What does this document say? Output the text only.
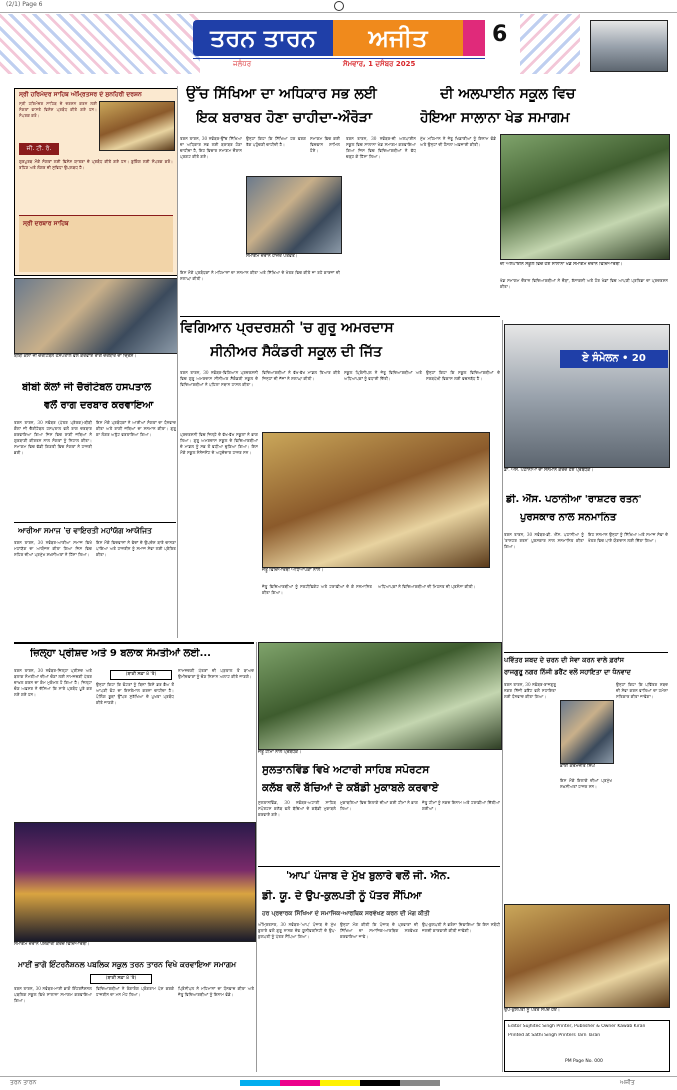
(2/1) Page 6
ਤਰਨ ਤਾਰਨ	ਅਜੀਤ	6
ਜਲੰਧਰ	ਸੋਮਵਾਰ, 1 ਦਸੰਬਰ 2025
ਸ੍ਰੀ ਹਰਿਮੰਦਰ ਸਾਹਿਬ ਅੰਮ੍ਰਿਤਸਰ ਦੇ ਸੁਨਹਿਰੀ ਦਰਸ਼ਨ
ਸ੍ਰੀ ਹਰਿਮੰਦਰ ਸਾਹਿਬ ਦੇ ਦਰਸ਼ਨ ਕਰਨ ਲਈ ਸੰਗਤਾਂ ਵਾਸਤੇ ਵਿਸ਼ੇਸ਼ ਪ੍ਰਬੰਧ ਕੀਤੇ ਗਏ ਹਨ। ਸੰਪਰਕ ਕਰੋ।
ਜੀ. ਟੀ. ਰੋ.
ਗੁਰਪੁਰਬ ਮੌਕੇ ਸੰਗਤਾਂ ਲਈ ਵਿਸ਼ੇਸ਼ ਯਾਤਰਾ ਦੇ ਪ੍ਰਬੰਧ ਕੀਤੇ ਗਏ ਹਨ। ਬੁਕਿੰਗ ਲਈ ਸੰਪਰਕ ਕਰੋ। ਰਹਿਣ ਅਤੇ ਲੰਗਰ ਦੀ ਸੁਵਿਧਾ ਉਪਲਬਧ ਹੈ।
ਸ੍ਰੀ ਦਰਬਾਰ ਸਾਹਿਬ
ਬੀਬੀ ਕੌਲਾਂ ਜੀ ਚੈਰੀਟੇਬਲ ਹਸਪਤਾਲ ਵਲੋਂ ਕਰਵਾਏ ਰਾਗ ਦਰਬਾਰ ਦਾ ਦ੍ਰਿਸ਼।
ਬੀਬੀ ਕੌਲਾਂ ਜੀ ਚੈਰੀਟੇਬਲ ਹਸਪਤਾਲ
ਵਲੋਂ ਰਾਗ ਦਰਬਾਰ ਕਰਵਾਇਆ
ਤਰਨ ਤਾਰਨ, 30 ਨਵੰਬਰ (ਪੱਤਰ ਪ੍ਰੇਰਕ)-ਬੀਬੀ ਕੌਲਾਂ ਜੀ ਚੈਰੀਟੇਬਲ ਹਸਪਤਾਲ ਵਲੋਂ ਰਾਗ ਦਰਬਾਰ ਕਰਵਾਇਆ ਗਿਆ ਜਿਸ ਵਿਚ ਰਾਗੀ ਜਥਿਆਂ ਨੇ ਗੁਰਬਾਣੀ ਕੀਰਤਨ ਨਾਲ ਸੰਗਤਾਂ ਨੂੰ ਨਿਹਾਲ ਕੀਤਾ। ਸਮਾਗਮ ਵਿਚ ਵੱਡੀ ਗਿਣਤੀ ਵਿਚ ਸੰਗਤਾਂ ਨੇ ਹਾਜ਼ਰੀ ਭਰੀ।
ਇਸ ਮੌਕੇ ਪ੍ਰਬੰਧਕਾਂ ਨੇ ਆਈਆਂ ਸੰਗਤਾਂ ਦਾ ਧੰਨਵਾਦ ਕੀਤਾ ਅਤੇ ਰਾਗੀ ਜਥਿਆਂ ਦਾ ਸਨਮਾਨ ਕੀਤਾ। ਗੁਰੂ ਕਾ ਲੰਗਰ ਅਤੁੱਟ ਵਰਤਾਇਆ ਗਿਆ।
ਆਰੀਆ ਸਮਾਜ 'ਚ ਵਾਇਰਤੀ ਮਹਾਂਯੱਗ ਆਯੋਜਿਤ
ਤਰਨ ਤਾਰਨ, 30 ਨਵੰਬਰ-ਆਰੀਆ ਸਮਾਜ ਵਿਖੇ ਮਹਾਂਯੱਗ ਦਾ ਆਯੋਜਨ ਕੀਤਾ ਗਿਆ ਜਿਸ ਵਿਚ ਸ਼ਹਿਰ ਦੀਆਂ ਪ੍ਰਮੁੱਖ ਸ਼ਖ਼ਸੀਅਤਾਂ ਨੇ ਹਿੱਸਾ ਲਿਆ।
ਇਸ ਮੌਕੇ ਵਿਦਵਾਨਾਂ ਨੇ ਵੇਦਾਂ ਦੇ ਉਪਦੇਸ਼ ਬਾਰੇ ਚਾਨਣਾ ਪਾਇਆ ਅਤੇ ਹਾਜ਼ਰੀਨ ਨੂੰ ਸਮਾਜ ਸੇਵਾ ਲਈ ਪ੍ਰੇਰਿਤ ਕੀਤਾ।
ਜ਼ਿਲ੍ਹਾ ਪ੍ਰੀਸ਼ਦ ਅਤੇ 9 ਬਲਾਕ ਸੰਮਤੀਆਂ ਲਈ...
ਤਰਨ ਤਾਰਨ, 30 ਨਵੰਬਰ-ਜ਼ਿਲ੍ਹਾ ਪ੍ਰੀਸ਼ਦ ਅਤੇ ਬਲਾਕ ਸੰਮਤੀਆਂ ਦੀਆਂ ਚੋਣਾਂ ਲਈ ਨਾਮਜ਼ਦਗੀ ਪੱਤਰ ਦਾਖ਼ਲ ਕਰਨ ਦਾ ਕੰਮ ਮੁਕੰਮਲ ਹੋ ਗਿਆ ਹੈ। ਜ਼ਿਲ੍ਹਾ ਚੋਣ ਅਫ਼ਸਰ ਨੇ ਦੱਸਿਆ ਕਿ ਸਾਰੇ ਪ੍ਰਬੰਧ ਪੂਰੇ ਕਰ ਲਏ ਗਏ ਹਨ।
(ਬਾਕੀ ਸਫ਼ਾ 8 'ਤੇ)
ਉਨ੍ਹਾਂ ਕਿਹਾ ਕਿ ਵੋਟਰਾਂ ਨੂੰ ਬਿਨਾਂ ਕਿਸੇ ਡਰ ਭੈਅ ਤੋਂ ਆਪਣੀ ਵੋਟ ਦਾ ਇਸਤੇਮਾਲ ਕਰਨਾ ਚਾਹੀਦਾ ਹੈ। ਪੋਲਿੰਗ ਬੂਥਾਂ ਉੱਪਰ ਸੁਰੱਖਿਆ ਦੇ ਪੁਖਤਾ ਪ੍ਰਬੰਧ ਕੀਤੇ ਜਾਣਗੇ।
ਨਾਮਜ਼ਦਗੀ ਪੱਤਰਾਂ ਦੀ ਪੜਤਾਲ ਤੋਂ ਬਾਅਦ ਉਮੀਦਵਾਰਾਂ ਨੂੰ ਚੋਣ ਨਿਸ਼ਾਨ ਅਲਾਟ ਕੀਤੇ ਜਾਣਗੇ।
ਸਮਾਗਮ ਦੌਰਾਨ ਪੇਸ਼ਕਾਰੀ ਕਰਦੇ ਵਿਦਿਆਰਥੀ।
ਮਾਈਂ ਭਾਗੋ ਇੰਟਰਨੈਸ਼ਨਲ ਪਬਲਿਕ ਸਕੂਲ ਤਰਨ ਤਾਰਨ ਵਿਖੇ ਕਰਵਾਇਆ ਸਮਾਗਮ
(ਬਾਕੀ ਸਫ਼ਾ 8 'ਤੇ)
ਤਰਨ ਤਾਰਨ, 30 ਨਵੰਬਰ-ਮਾਈ ਭਾਗੋ ਇੰਟਰਨੈਸ਼ਨਲ ਪਬਲਿਕ ਸਕੂਲ ਵਿਖੇ ਸਾਲਾਨਾ ਸਮਾਗਮ ਕਰਵਾਇਆ ਗਿਆ।
ਵਿਦਿਆਰਥੀਆਂ ਨੇ ਰੰਗਾਰੰਗ ਪ੍ਰੋਗਰਾਮ ਪੇਸ਼ ਕਰਕੇ ਹਾਜ਼ਰੀਨ ਦਾ ਮਨ ਮੋਹ ਲਿਆ।
ਪ੍ਰਿੰਸੀਪਲ ਨੇ ਮਹਿਮਾਨਾਂ ਦਾ ਧੰਨਵਾਦ ਕੀਤਾ ਅਤੇ ਜੇਤੂ ਵਿਦਿਆਰਥੀਆਂ ਨੂੰ ਇਨਾਮ ਵੰਡੇ।
ਉੱਚ ਸਿੱਖਿਆ ਦਾ ਅਧਿਕਾਰ ਸਭ ਲਈ
ਇਕ ਬਰਾਬਰ ਹੋਣਾ ਚਾਹੀਦਾ-ਔਰੋੜਾ
ਤਰਨ ਤਾਰਨ, 30 ਨਵੰਬਰ-ਉੱਚ ਸਿੱਖਿਆ ਦਾ ਅਧਿਕਾਰ ਸਭ ਲਈ ਬਰਾਬਰ ਹੋਣਾ ਚਾਹੀਦਾ ਹੈ, ਇਹ ਵਿਚਾਰ ਸਮਾਗਮ ਦੌਰਾਨ ਪ੍ਰਗਟ ਕੀਤੇ ਗਏ।
ਉਨ੍ਹਾਂ ਕਿਹਾ ਕਿ ਸਿੱਖਿਆ ਹਰ ਵਰਗ ਤੱਕ ਪਹੁੰਚਣੀ ਚਾਹੀਦੀ ਹੈ।
ਸਮਾਗਮ ਵਿਚ ਕਈ ਵਿਦਵਾਨ ਸ਼ਾਮਿਲ ਹੋਏ।
ਸਮਾਗਮ ਦੌਰਾਨ ਹਾਜ਼ਰ ਪਤਵੰਤੇ।
ਇਸ ਮੌਕੇ ਪ੍ਰਬੰਧਕਾਂ ਨੇ ਮਹਿਮਾਨਾਂ ਦਾ ਸਨਮਾਨ ਕੀਤਾ ਅਤੇ ਸਿੱਖਿਆ ਦੇ ਖੇਤਰ ਵਿਚ ਕੀਤੇ ਜਾ ਰਹੇ ਕਾਰਜਾਂ ਦੀ ਸ਼ਲਾਘਾ ਕੀਤੀ।
ਦੀ ਅਲਪਾਈਨ ਸਕੂਲ ਵਿਚ
ਹੋਇਆ ਸਾਲਾਨਾ ਖੇਡ ਸਮਾਗਮ
ਤਰਨ ਤਾਰਨ, 30 ਨਵੰਬਰ-ਦੀ ਅਲਪਾਈਨ ਸਕੂਲ ਵਿਚ ਸਾਲਾਨਾ ਖੇਡ ਸਮਾਗਮ ਕਰਵਾਇਆ ਗਿਆ ਜਿਸ ਵਿਚ ਵਿਦਿਆਰਥੀਆਂ ਨੇ ਵੱਧ ਚੜ੍ਹ ਕੇ ਹਿੱਸਾ ਲਿਆ।
ਮੁੱਖ ਮਹਿਮਾਨ ਨੇ ਜੇਤੂ ਖਿਡਾਰੀਆਂ ਨੂੰ ਇਨਾਮ ਵੰਡੇ ਅਤੇ ਉਨ੍ਹਾਂ ਦੀ ਹੌਸਲਾ ਅਫ਼ਜ਼ਾਈ ਕੀਤੀ।
ਦੀ ਅਲਪਾਈਨ ਸਕੂਲ ਵਿਚ ਹੋਏ ਸਾਲਾਨਾ ਖੇਡ ਸਮਾਗਮ ਦੌਰਾਨ ਵਿਦਿਆਰਥੀ।
ਖੇਡ ਸਮਾਗਮ ਦੌਰਾਨ ਵਿਦਿਆਰਥੀਆਂ ਨੇ ਦੌੜਾਂ, ਰੱਸਾਕਸ਼ੀ ਅਤੇ ਹੋਰ ਖੇਡਾਂ ਵਿਚ ਆਪਣੀ ਪ੍ਰਤਿਭਾ ਦਾ ਪ੍ਰਦਰਸ਼ਨ ਕੀਤਾ।
ਵਿਗਿਆਨ ਪ੍ਰਦਰਸ਼ਨੀ 'ਚ ਗੁਰੂ ਅਮਰਦਾਸ
ਸੀਨੀਅਰ ਸੈਕੰਡਰੀ ਸਕੂਲ ਦੀ ਜਿੱਤ
ਤਰਨ ਤਾਰਨ, 30 ਨਵੰਬਰ-ਵਿਗਿਆਨ ਪ੍ਰਦਰਸ਼ਨੀ ਵਿਚ ਗੁਰੂ ਅਮਰਦਾਸ ਸੀਨੀਅਰ ਸੈਕੰਡਰੀ ਸਕੂਲ ਦੇ ਵਿਦਿਆਰਥੀਆਂ ਨੇ ਪਹਿਲਾ ਸਥਾਨ ਹਾਸਲ ਕੀਤਾ।
ਵਿਦਿਆਰਥੀਆਂ ਨੇ ਵੱਖ-ਵੱਖ ਮਾਡਲ ਤਿਆਰ ਕੀਤੇ ਜਿਨ੍ਹਾਂ ਦੀ ਜੱਜਾਂ ਨੇ ਸ਼ਲਾਘਾ ਕੀਤੀ।
ਸਕੂਲ ਪ੍ਰਿੰਸੀਪਲ ਨੇ ਜੇਤੂ ਵਿਦਿਆਰਥੀਆਂ ਅਤੇ ਅਧਿਆਪਕਾਂ ਨੂੰ ਵਧਾਈ ਦਿੱਤੀ।
ਉਨ੍ਹਾਂ ਕਿਹਾ ਕਿ ਸਕੂਲ ਵਿਦਿਆਰਥੀਆਂ ਦੇ ਸਰਬਪੱਖੀ ਵਿਕਾਸ ਲਈ ਵਚਨਬੱਧ ਹੈ।
ਜੇਤੂ ਵਿਦਿਆਰਥੀ ਅਧਿਆਪਕਾਂ ਨਾਲ।
ਪ੍ਰਦਰਸ਼ਨੀ ਵਿਚ ਜ਼ਿਲ੍ਹੇ ਦੇ ਵੱਖ-ਵੱਖ ਸਕੂਲਾਂ ਨੇ ਭਾਗ ਲਿਆ। ਗੁਰੂ ਅਮਰਦਾਸ ਸਕੂਲ ਦੇ ਵਿਦਿਆਰਥੀਆਂ ਦੇ ਮਾਡਲ ਨੂੰ ਸਭ ਤੋਂ ਵਧੀਆ ਚੁਣਿਆ ਗਿਆ। ਇਸ ਮੌਕੇ ਸਕੂਲ ਮੈਨੇਜਮੈਂਟ ਦੇ ਅਹੁਦੇਦਾਰ ਹਾਜ਼ਰ ਸਨ।
ਜੇਤੂ ਵਿਦਿਆਰਥੀਆਂ ਨੂੰ ਸਰਟੀਫਿਕੇਟ ਅਤੇ ਟਰਾਫ਼ੀਆਂ ਦੇ ਕੇ ਸਨਮਾਨਿਤ ਕੀਤਾ ਗਿਆ।
ਅਧਿਆਪਕਾਂ ਨੇ ਵਿਦਿਆਰਥੀਆਂ ਦੀ ਮਿਹਨਤ ਦੀ ਪ੍ਰਸ਼ੰਸਾ ਕੀਤੀ।
ਜੇਤੂ ਟੀਮਾਂ ਨਾਲ ਪ੍ਰਬੰਧਕ।
ਸੁਲਤਾਨਵਿੰਡ ਵਿਖੇ ਅਟਾਰੀ ਸਾਹਿਬ ਸਪੋਰਟਸ
ਕਲੱਬ ਵਲੋਂ ਬੱਚਿਆਂ ਦੇ ਕਬੱਡੀ ਮੁਕਾਬਲੇ ਕਰਵਾਏ
ਸੁਲਤਾਨਵਿੰਡ, 30 ਨਵੰਬਰ-ਅਟਾਰੀ ਸਾਹਿਬ ਸਪੋਰਟਸ ਕਲੱਬ ਵਲੋਂ ਬੱਚਿਆਂ ਦੇ ਕਬੱਡੀ ਮੁਕਾਬਲੇ ਕਰਵਾਏ ਗਏ।
ਮੁਕਾਬਲਿਆਂ ਵਿਚ ਇਲਾਕੇ ਦੀਆਂ ਕਈ ਟੀਮਾਂ ਨੇ ਭਾਗ ਲਿਆ।
ਜੇਤੂ ਟੀਮਾਂ ਨੂੰ ਨਕਦ ਇਨਾਮ ਅਤੇ ਟਰਾਫ਼ੀਆਂ ਦਿੱਤੀਆਂ ਗਈਆਂ।
'ਆਪ' ਪੰਜਾਬ ਦੇ ਮੁੱਖ ਬੁਲਾਰੇ ਵਲੋਂ ਜੀ. ਐਨ.
ਡੀ. ਯੂ. ਦੇ ਉਪ-ਕੁਲਪਤੀ ਨੂੰ ਪੱਤਰ ਸੌਂਪਿਆ
ਹਰ ਪ੍ਰਵਾਰਕ ਸਿੱਖਿਆ ਦੇ ਸਮਾਜਿਕ-ਆਰਥਿਕ ਸਰਵੇਖਣ ਕਰਨ ਦੀ ਮੰਗ ਕੀਤੀ
ਅੰਮ੍ਰਿਤਸਰ, 30 ਨਵੰਬਰ-'ਆਪ' ਪੰਜਾਬ ਦੇ ਮੁੱਖ ਬੁਲਾਰੇ ਵਲੋਂ ਗੁਰੂ ਨਾਨਕ ਦੇਵ ਯੂਨੀਵਰਸਿਟੀ ਦੇ ਉਪ-ਕੁਲਪਤੀ ਨੂੰ ਪੱਤਰ ਸੌਂਪਿਆ ਗਿਆ।
ਉਨ੍ਹਾਂ ਮੰਗ ਕੀਤੀ ਕਿ ਪੰਜਾਬ ਦੇ ਪ੍ਰਵਾਰਾਂ ਦੀ ਸਿੱਖਿਆ ਦਾ ਸਮਾਜਿਕ-ਆਰਥਿਕ ਸਰਵੇਖਣ ਕਰਵਾਇਆ ਜਾਵੇ।
ਉਪ-ਕੁਲਪਤੀ ਨੇ ਭਰੋਸਾ ਦਿਵਾਇਆ ਕਿ ਇਸ ਸਬੰਧੀ ਜਲਦੀ ਕਾਰਵਾਈ ਕੀਤੀ ਜਾਵੇਗੀ।
ਏ ਸੰਮੇਲਨ • 20
ਡਾ. ਐੱਸ. ਪਠਾਨੀਆ ਦਾ ਸਨਮਾਨ ਕਰਦੇ ਹੋਏ ਪ੍ਰਬੰਧਕ।
ਡੀ. ਐੱਸ. ਪਠਾਨੀਆ 'ਰਾਸ਼ਟਰ ਰਤਨ'
ਪੁਰਸਕਾਰ ਨਾਲ ਸਨਮਾਨਿਤ
ਤਰਨ ਤਾਰਨ, 30 ਨਵੰਬਰ-ਡੀ. ਐੱਸ. ਪਠਾਨੀਆ ਨੂੰ 'ਰਾਸ਼ਟਰ ਰਤਨ' ਪੁਰਸਕਾਰ ਨਾਲ ਸਨਮਾਨਿਤ ਕੀਤਾ ਗਿਆ।
ਇਹ ਸਨਮਾਨ ਉਨ੍ਹਾਂ ਨੂੰ ਸਿੱਖਿਆ ਅਤੇ ਸਮਾਜ ਸੇਵਾ ਦੇ ਖੇਤਰ ਵਿਚ ਪਾਏ ਯੋਗਦਾਨ ਲਈ ਦਿੱਤਾ ਗਿਆ।
ਪਵਿੱਤਰ ਸ਼ਬਦ ਦੇ ਚਰਨ ਦੀ ਸੇਵਾ ਕਰਨ ਵਾਲੇ ਫ਼ਰਾਂਸ
ਰਾਜਗੁਰੂ ਨਗਰ ਨਿੱਜੀ ਡਰੈਂਟ ਵਲੋਂ ਸਹਾਇਤਾ ਦਾ ਧੰਨਵਾਦ
ਤਰਨ ਤਾਰਨ, 30 ਨਵੰਬਰ-ਰਾਜਗੁਰੂ ਨਗਰ ਨਿੱਜੀ ਡਰੈਂਟ ਵਲੋਂ ਸਹਾਇਤਾ ਲਈ ਧੰਨਵਾਦ ਕੀਤਾ ਗਿਆ।
ਭਾਈ ਕਰਮਜੀਤ ਸਿੰਘ
ਉਨ੍ਹਾਂ ਕਿਹਾ ਕਿ ਪਵਿੱਤਰ ਸ਼ਬਦ ਦੀ ਸੇਵਾ ਕਰਨ ਵਾਲਿਆਂ ਦਾ ਹਮੇਸ਼ਾ ਸਤਿਕਾਰ ਕੀਤਾ ਜਾਵੇਗਾ।
ਇਸ ਮੌਕੇ ਇਲਾਕੇ ਦੀਆਂ ਪ੍ਰਮੁੱਖ ਸ਼ਖ਼ਸੀਅਤਾਂ ਹਾਜ਼ਰ ਸਨ।
ਉਪ-ਕੁਲਪਤੀ ਨੂੰ ਪੱਤਰ ਸੌਂਪਦੇ ਹੋਏ।
Editor Sujhitec Singh Printer, Publisher & Owner Kawab Kiran
Printed at Sathi Singh Printers Tarn Taran
PM Page No. 000
ਤਰਨ ਤਾਰਨ	ਅਜੀਤ
